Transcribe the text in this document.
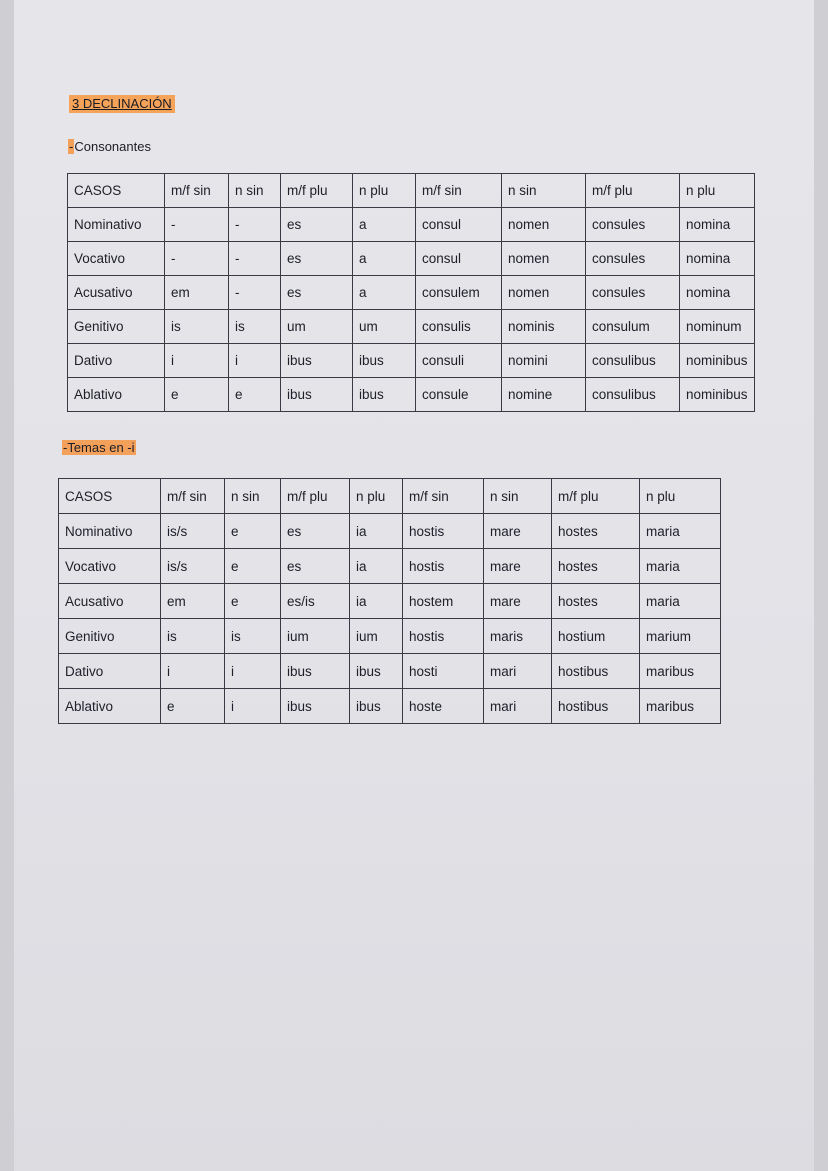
3 DECLINACIÓN
-Consonantes
-Temas en -i
CASOS	m/f sin	n sin	m/f plu	n plu	m/f sin	n sin	m/f plu	n plu
Nominativo	-	-	es	a	consul	nomen	consules	nomina
Vocativo	-	-	es	a	consul	nomen	consules	nomina
Acusativo	em	-	es	a	consulem	nomen	consules	nomina
Genitivo	is	is	um	um	consulis	nominis	consulum	nominum
Dativo	i	i	ibus	ibus	consuli	nomini	consulibus	nominibus
Ablativo	e	e	ibus	ibus	consule	nomine	consulibus	nominibus
CASOS	m/f sin	n sin	m/f plu	n plu	m/f sin	n sin	m/f plu	n plu
Nominativo	is/s	e	es	ia	hostis	mare	hostes	maria
Vocativo	is/s	e	es	ia	hostis	mare	hostes	maria
Acusativo	em	e	es/is	ia	hostem	mare	hostes	maria
Genitivo	is	is	ium	ium	hostis	maris	hostium	marium
Dativo	i	i	ibus	ibus	hosti	mari	hostibus	maribus
Ablativo	e	i	ibus	ibus	hoste	mari	hostibus	maribus
